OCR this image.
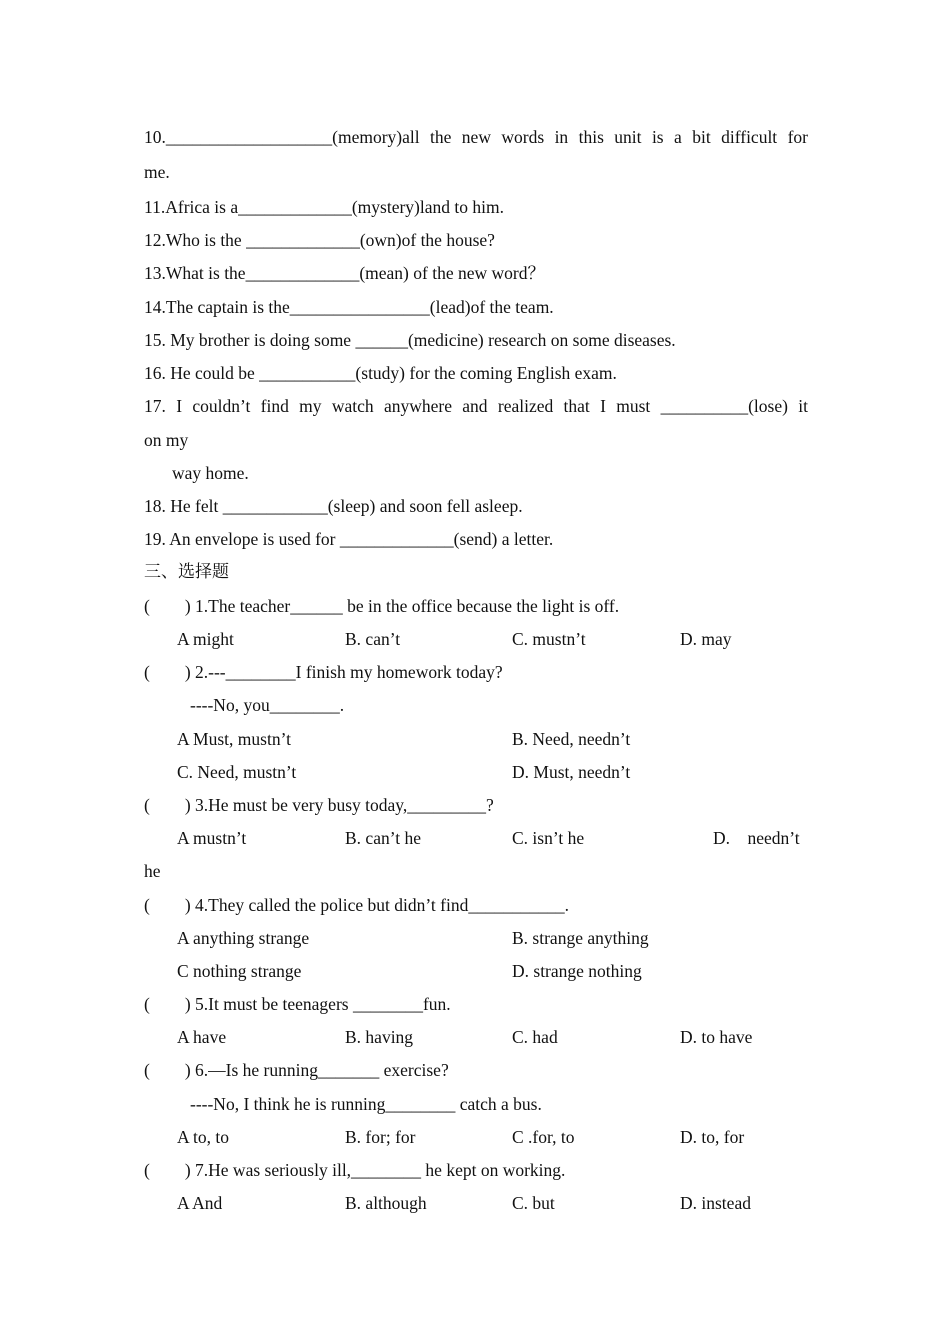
10.___________________(memory)all the new words in this unit is a bit difficult for
me.
11.Africa is a_____________(mystery)land to him.
12.Who is the _____________(own)of the house?
13.What is the_____________(mean) of the new word？
14.The captain is the________________(lead)of the team.
15. My brother is doing some ______(medicine) research on some diseases.
16. He could be ___________(study) for the coming English exam.
17. I couldn’t find my watch anywhere and realized that I must __________(lose) it
on my
way home.
18. He felt ____________(sleep) and soon fell asleep.
19. An envelope is used for _____________(send) a letter.
三、选择题
(        ) 1.The teacher______ be in the office because the light is off.
A might	B. can’t	C. mustn’t	D. may
(        ) 2.---________I finish my homework today?
----No, you________.
A Must, mustn’t	B. Need, needn’t
C. Need, mustn’t	D. Must, needn’t
(        ) 3.He must be very busy today,_________?
A mustn’t	B. can’t he	C. isn’t he	D.    needn’t
he
(        ) 4.They called the police but didn’t find___________.
A anything strange	B. strange anything
C nothing strange	D. strange nothing
(        ) 5.It must be teenagers ________fun.
A have	B. having	C. had	D. to have
(        ) 6.—Is he running_______ exercise?
----No, I think he is running________ catch a bus.
A to, to	B. for; for	C .for, to	D. to, for
(        ) 7.He was seriously ill,________ he kept on working.
A And	B. although	C. but	D. instead
